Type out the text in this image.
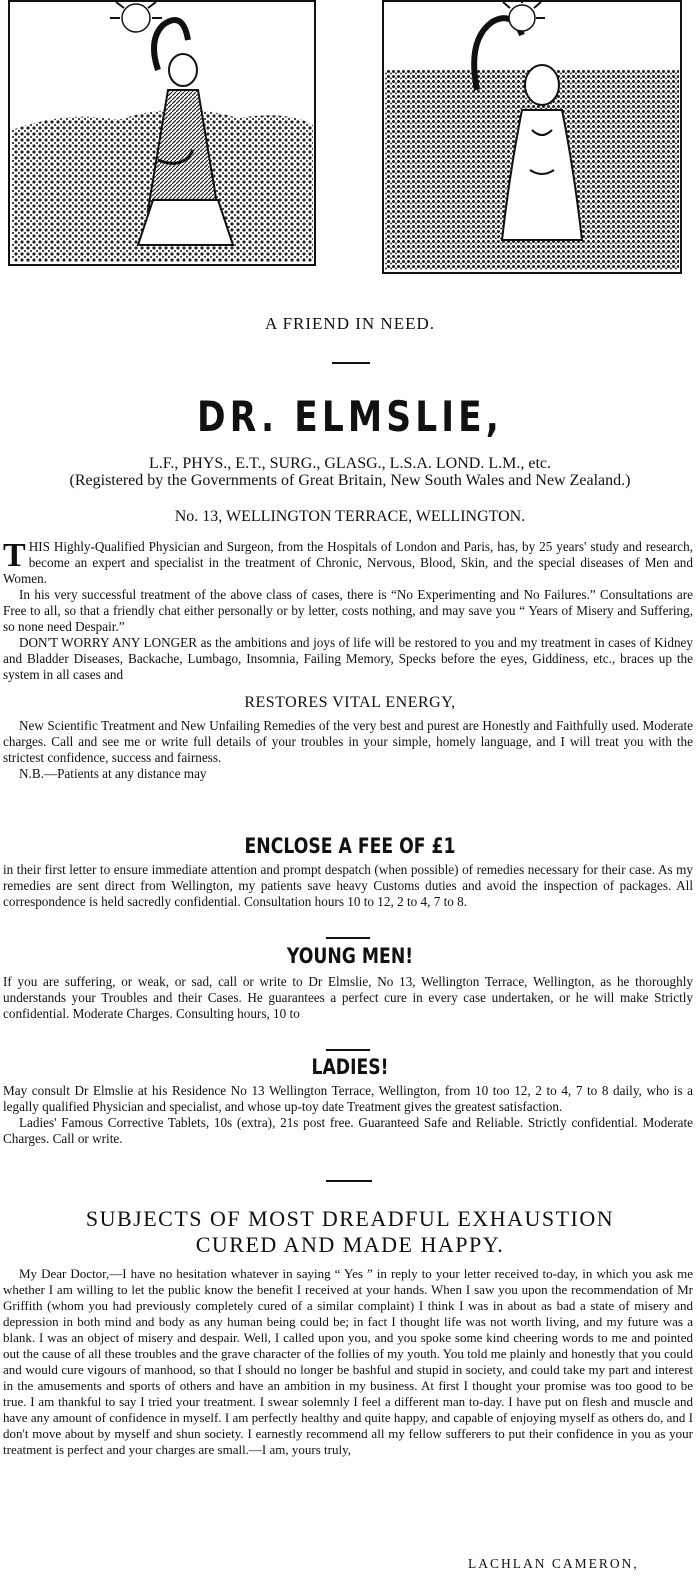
A FRIEND IN NEED.
DR. ELMSLIE,
L.F., PHYS., E.T., SURG., GLASG., L.S.A. LOND. L.M., etc.
(Registered by the Governments of Great Britain, New South Wales and New Zealand.)
No. 13, WELLINGTON TERRACE, WELLINGTON.

T HIS Highly-Qualified Physician and Surgeon, from the Hospitals of London and Paris, has, by 25 years' study and research, become an expert and specialist in the treatment of Chronic, Nervous, Blood, Skin, and the special diseases of Men and Women.

In his very successful treatment of the above class of cases, there is “No Experimenting and No Failures.” Consultations are Free to all, so that a friendly chat either personally or by letter, costs nothing, and may save you “ Years of Misery and Suffering, so none need Despair.”

DON'T WORRY ANY LONGER as the ambitions and joys of life will be restored to you and my treatment in cases of Kidney and Bladder Diseases, Backache, Lumbago, Insomnia, Failing Memory, Specks before the eyes, Giddiness, etc., braces up the system in all cases and

RESTORES VITAL ENERGY,

New Scientific Treatment and New Unfailing Remedies of the very best and purest are Honestly and Faithfully used. Moderate charges. Call and see me or write full details of your troubles in your simple, homely language, and I will treat you with the strictest confidence, success and fairness.

N.B.—Patients at any distance may

ENCLOSE A FEE OF £1

in their first letter to ensure immediate attention and prompt despatch (when possible) of remedies necessary for their case. As my remedies are sent direct from Wellington, my patients save heavy Customs duties and avoid the inspection of packages. All correspondence is held sacredly confidential. Consultation hours 10 to 12, 2 to 4, 7 to 8.

YOUNG MEN!

If you are suffering, or weak, or sad, call or write to Dr Elmslie, No 13, Wellington Terrace, Wellington, as he thoroughly understands your Troubles and their Cases. He guarantees a perfect cure in every case undertaken, or he will make Strictly confidential. Moderate Charges. Consulting hours, 10 to

LADIES!

May consult Dr Elmslie at his Residence No 13 Wellington Terrace, Wellington, from 10 too 12, 2 to 4, 7 to 8 daily, who is a legally qualified Physician and specialist, and whose up-toy date Treatment gives the greatest satisfaction.

Ladies' Famous Corrective Tablets, 10s (extra), 21s post free. Guaranteed Safe and Reliable. Strictly confidential. Moderate Charges. Call or write.

SUBJECTS OF MOST DREADFUL EXHAUSTION
CURED AND MADE HAPPY.

My Dear Doctor,—I have no hesitation whatever in saying “ Yes ” in reply to your letter received to-day, in which you ask me whether I am willing to let the public know the benefit I received at your hands. When I saw you upon the recommendation of Mr Griffith (whom you had previously completely cured of a similar complaint) I think I was in about as bad a state of misery and depression in both mind and body as any human being could be; in fact I thought life was not worth living, and my future was a blank. I was an object of misery and despair. Well, I called upon you, and you spoke some kind cheering words to me and pointed out the cause of all these troubles and the grave character of the follies of my youth. You told me plainly and honestly that you could and would cure vigours of manhood, so that I should no longer be bashful and stupid in society, and could take my part and interest in the amusements and sports of others and have an ambition in my business. At first I thought your promise was too good to be true. I am thankful to say I tried your treatment. I swear solemnly I feel a different man to-day. I have put on flesh and muscle and have any amount of confidence in myself. I am perfectly healthy and quite happy, and capable of enjoying myself as others do, and I don't move about by myself and shun society. I earnestly recommend all my fellow sufferers to put their confidence in you as your treatment is perfect and your charges are small.—I am, yours truly,

LACHLAN CAMERON,
